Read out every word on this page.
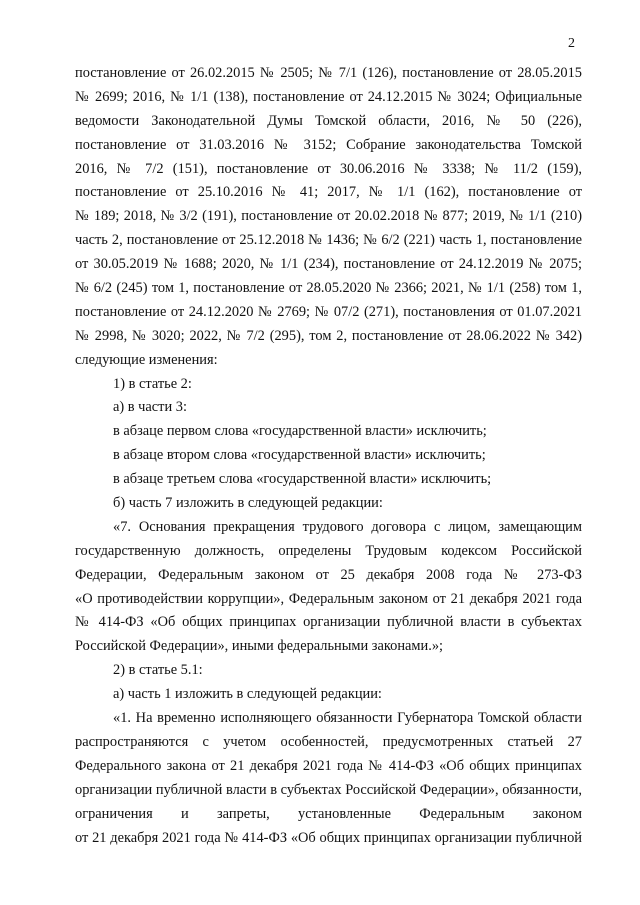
2
постановление от 26.02.2015 № 2505; № 7/1 (126), постановление от 28.05.2015
№ 2699; 2016, № 1/1 (138), постановление от 24.12.2015 № 3024; Официальные
ведомости Законодательной Думы Томской области, 2016, № 50 (226),
постановление от 31.03.2016 № 3152; Собрание законодательства Томской
2016, № 7/2 (151), постановление от 30.06.2016 № 3338; № 11/2 (159),
постановление от 25.10.2016 № 41; 2017, № 1/1 (162), постановление от
№ 189; 2018, № 3/2 (191), постановление от 20.02.2018 № 877; 2019, № 1/1 (210)
часть 2, постановление от 25.12.2018 № 1436; № 6/2 (221) часть 1, постановление
от 30.05.2019 № 1688; 2020, № 1/1 (234), постановление от 24.12.2019 № 2075;
№ 6/2 (245) том 1, постановление от 28.05.2020 № 2366; 2021, № 1/1 (258) том 1,
постановление от 24.12.2020 № 2769; № 07/2 (271), постановления от 01.07.2021
№ 2998, № 3020; 2022, № 7/2 (295), том 2, постановление от 28.06.2022 № 342)
следующие изменения:
1) в статье 2:
а) в части 3:
в абзаце первом слова «государственной власти» исключить;
в абзаце втором слова «государственной власти» исключить;
в абзаце третьем слова «государственной власти» исключить;
б) часть 7 изложить в следующей редакции:
«7. Основания прекращения трудового договора с лицом, замещающим
государственную должность, определены Трудовым кодексом Российской
Федерации, Федеральным законом от 25 декабря 2008 года № 273-ФЗ
«О противодействии коррупции», Федеральным законом от 21 декабря 2021 года
№ 414-ФЗ «Об общих принципах организации публичной власти в субъектах
Российской Федерации», иными федеральными законами.»;
2) в статье 5.1:
а) часть 1 изложить в следующей редакции:
«1. На временно исполняющего обязанности Губернатора Томской области
распространяются с учетом особенностей, предусмотренных статьей 27
Федерального закона от 21 декабря 2021 года № 414-ФЗ «Об общих принципах
организации публичной власти в субъектах Российской Федерации», обязанности,
ограничения и запреты, установленные Федеральным законом
от 21 декабря 2021 года № 414-ФЗ «Об общих принципах организации публичной
